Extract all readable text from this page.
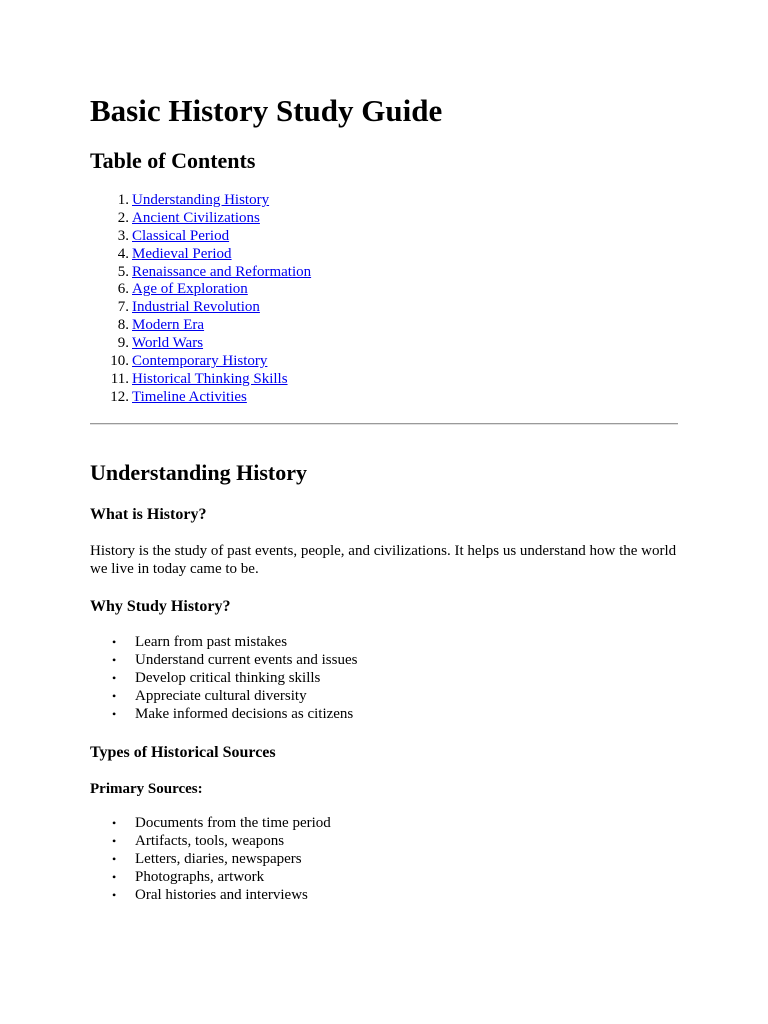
Basic History Study Guide
Table of Contents
1. Understanding History
2. Ancient Civilizations
3. Classical Period
4. Medieval Period
5. Renaissance and Reformation
6. Age of Exploration
7. Industrial Revolution
8. Modern Era
9. World Wars
10. Contemporary History
11. Historical Thinking Skills
12. Timeline Activities
Understanding History
What is History?

History is the study of past events, people, and civilizations. It helps us understand how the world we live in today came to be.

Why Study History?
• Learn from past mistakes
• Understand current events and issues
• Develop critical thinking skills
• Appreciate cultural diversity
• Make informed decisions as citizens
Types of Historical Sources

Primary Sources:

• Documents from the time period
• Artifacts, tools, weapons
• Letters, diaries, newspapers
• Photographs, artwork
• Oral histories and interviews
